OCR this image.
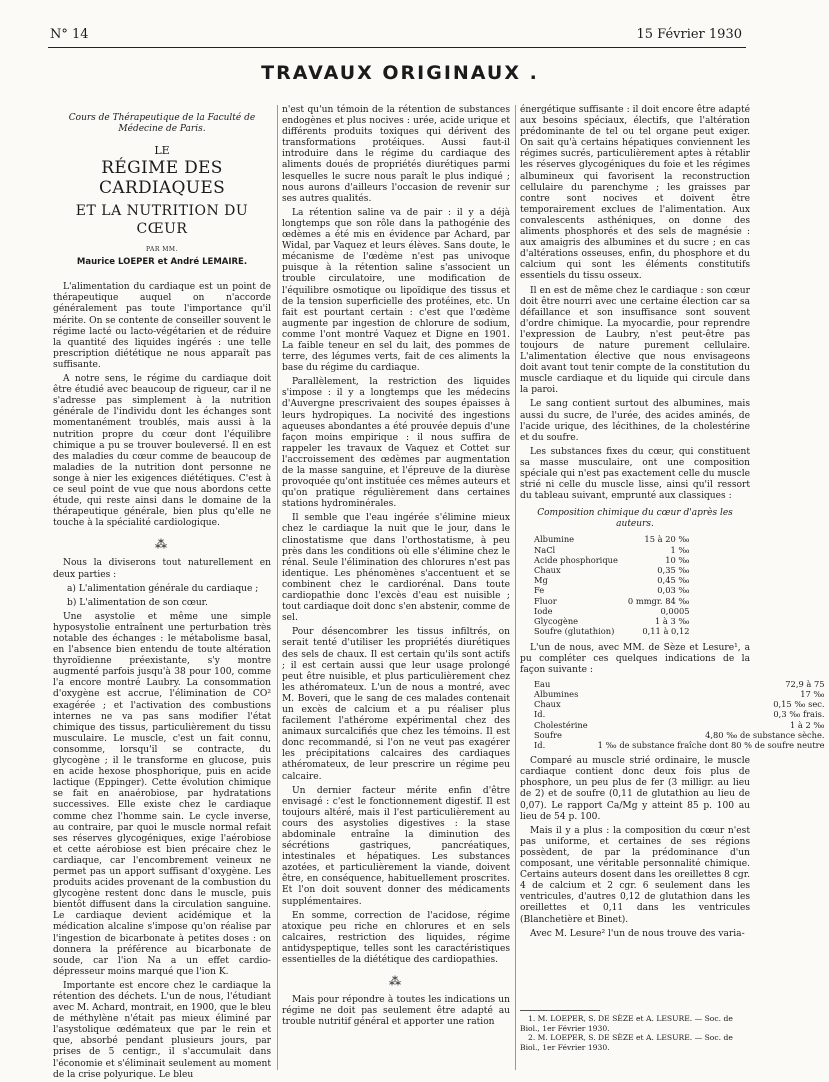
N° 14	15 Février 1930
TRAVAUX ORIGINAUX .
Cours de Thérapeutique de la Faculté de Médecine de Paris.
LE
RÉGIME DES CARDIAQUES
ET LA NUTRITION DU CŒUR
PAR MM.
Maurice LOEPER et André LEMAIRE.

L'alimentation du cardiaque est un point de thérapeutique auquel on n'accorde généralement pas toute l'importance qu'il mérite. On se contente de conseiller souvent le régime lacté ou lacto-végétarien et de réduire la quantité des liquides ingérés : une telle prescription diététique ne nous apparaît pas suffisante.

A notre sens, le régime du cardiaque doit être étudié avec beaucoup de rigueur, car il ne s'adresse pas simplement à la nutrition générale de l'individu dont les échanges sont momentanément troublés, mais aussi à la nutrition propre du cœur dont l'équilibre chimique a pu se trouver bouleversé. Il en est des maladies du cœur comme de beaucoup de maladies de la nutrition dont personne ne songe à nier les exigences diététiques. C'est à ce seul point de vue que nous abordons cette étude, qui reste ainsi dans le domaine de la thérapeutique générale, bien plus qu'elle ne touche à la spécialité cardiologique.

⁂

Nous la diviserons tout naturellement en deux parties :

a) L'alimentation générale du cardiaque ;
b) L'alimentation de son cœur.

Une asystolie et même une simple hyposystolie entraînent une perturbation très notable des échanges : le métabolisme basal, en l'absence bien entendu de toute altération thyroïdienne préexistante, s'y montre augmenté parfois jusqu'à 38 pour 100, comme l'a encore montré Laubry. La consommation d'oxygène est accrue, l'élimination de CO² exagérée ; et l'activation des combustions internes ne va pas sans modifier l'état chimique des tissus, particulièrement du tissu musculaire. Le muscle, c'est un fait connu, consomme, lorsqu'il se contracte, du glycogène ; il le transforme en glucose, puis en acide hexose phosphorique, puis en acide lactique (Eppinger). Cette évolution chimique se fait en anaérobiose, par hydratations successives. Elle existe chez le cardiaque comme chez l'homme sain. Le cycle inverse, au contraire, par quoi le muscle normal refait ses réserves glycogéniques, exige l'aérobiose et cette aérobiose est bien précaire chez le cardiaque, car l'encombrement veineux ne permet pas un apport suffisant d'oxygène. Les produits acides provenant de la combustion du glycogène restent donc dans le muscle, puis bientôt diffusent dans la circulation sanguine. Le cardiaque devient acidémique et la médication alcaline s'impose qu'on réalise par l'ingestion de bicarbonate à petites doses : on donnera la préférence au bicarbonate de soude, car l'ion Na a un effet cardio-dépresseur moins marqué que l'ion K.

Importante est encore chez le cardiaque la rétention des déchets. L'un de nous, l'étudiant avec M. Achard, montrait, en 1900, que le bleu de méthylène n'était pas mieux éliminé par l'asystolique œdémateux que par le rein et que, absorbé pendant plusieurs jours, par prises de 5 centigr., il s'accumulait dans l'économie et s'éliminait seulement au moment de la crise polyurique. Le bleu

n'est qu'un témoin de la rétention de substances endogènes et plus nocives : urée, acide urique et différents produits toxiques qui dérivent des transformations protéiques. Aussi faut-il introduire dans le régime du cardiaque des aliments doués de propriétés diurétiques parmi lesquelles le sucre nous paraît le plus indiqué ; nous aurons d'ailleurs l'occasion de revenir sur ses autres qualités.

La rétention saline va de pair : il y a déjà longtemps que son rôle dans la pathogénie des œdèmes a été mis en évidence par Achard, par Widal, par Vaquez et leurs élèves. Sans doute, le mécanisme de l'œdème n'est pas univoque puisque à la rétention saline s'associent un trouble circulatoire, une modification de l'équilibre osmotique ou lipoïdique des tissus et de la tension superficielle des protéines, etc. Un fait est pourtant certain : c'est que l'œdème augmente par ingestion de chlorure de sodium, comme l'ont montré Vaquez et Digne en 1901. La faible teneur en sel du lait, des pommes de terre, des légumes verts, fait de ces aliments la base du régime du cardiaque.

Parallèlement, la restriction des liquides s'impose : il y a longtemps que les médecins d'Auvergne prescrivaient des soupes épaisses à leurs hydropiques. La nocivité des ingestions aqueuses abondantes a été prouvée depuis d'une façon moins empirique : il nous suffira de rappeler les travaux de Vaquez et Cottet sur l'accroissement des œdèmes par augmentation de la masse sanguine, et l'épreuve de la diurèse provoquée qu'ont instituée ces mêmes auteurs et qu'on pratique régulièrement dans certaines stations hydrominérales.

Il semble que l'eau ingérée s'élimine mieux chez le cardiaque la nuit que le jour, dans le clinostatisme que dans l'orthostatisme, à peu près dans les conditions où elle s'élimine chez le rénal. Seule l'élimination des chlorures n'est pas identique. Les phénomènes s'accentuent et se combinent chez le cardiorénal. Dans toute cardiopathie donc l'excès d'eau est nuisible ; tout cardiaque doit donc s'en abstenir, comme de sel.

Pour désencombrer les tissus infiltrés, on serait tenté d'utiliser les propriétés diurétiques des sels de chaux. Il est certain qu'ils sont actifs ; il est certain aussi que leur usage prolongé peut être nuisible, et plus particulièrement chez les athéromateux. L'un de nous a montré, avec M. Boveri, que le sang de ces malades contenait un excès de calcium et a pu réaliser plus facilement l'athérome expérimental chez des animaux surcalcifiés que chez les témoins. Il est donc recommandé, si l'on ne veut pas exagérer les précipitations calcaires des cardiaques athéromateux, de leur prescrire un régime peu calcaire.

Un dernier facteur mérite enfin d'être envisagé : c'est le fonctionnement digestif. Il est toujours altéré, mais il l'est particulièrement au cours des asystolies digestives : la stase abdominale entraîne la diminution des sécrétions gastriques, pancréatiques, intestinales et hépatiques. Les substances azotées, et particulièrement la viande, doivent être, en conséquence, habituellement proscrites. Et l'on doit souvent donner des médicaments supplémentaires.

En somme, correction de l'acidose, régime atoxique peu riche en chlorures et en sels calcaires, restriction des liquides, régime antidyspeptique, telles sont les caractéristiques essentielles de la diététique des cardiopathies.

⁂

Mais pour répondre à toutes les indications un régime ne doit pas seulement être adapté au trouble nutritif général et apporter une ration

énergétique suffisante : il doit encore être adapté aux besoins spéciaux, électifs, que l'altération prédominante de tel ou tel organe peut exiger. On sait qu'à certains hépatiques conviennent les régimes sucrés, particulièrement aptes à rétablir les réserves glycogéniques du foie et les régimes albumineux qui favorisent la reconstruction cellulaire du parenchyme ; les graisses par contre sont nocives et doivent être temporairement exclues de l'alimentation. Aux convalescents asthéniques, on donne des aliments phosphorés et des sels de magnésie : aux amaigris des albumines et du sucre ; en cas d'altérations osseuses, enfin, du phosphore et du calcium qui sont les éléments constitutifs essentiels du tissu osseux.

Il en est de même chez le cardiaque : son cœur doit être nourri avec une certaine élection car sa défaillance et son insuffisance sont souvent d'ordre chimique. La myocardie, pour reprendre l'expression de Laubry, n'est peut-être pas toujours de nature purement cellulaire. L'alimentation élective que nous envisageons doit avant tout tenir compte de la constitution du muscle cardiaque et du liquide qui circule dans la paroi.

Le sang contient surtout des albumines, mais aussi du sucre, de l'urée, des acides aminés, de l'acide urique, des lécithines, de la cholestérine et du soufre.

Les substances fixes du cœur, qui constituent sa masse musculaire, ont une composition spéciale qui n'est pas exactement celle du muscle strié ni celle du muscle lisse, ainsi qu'il ressort du tableau suivant, emprunté aux classiques :

Composition chimique du cœur d'après les auteurs.
Albumine	15 à 20 ‰
NaCl	1 ‰
Acide phosphorique	10 ‰
Chaux	0,35 ‰
Mg	0,45 ‰
Fe	0,03 ‰
Fluor	0 mmgr. 84 ‰
Iode	0,0005
Glycogène	1 à 3 ‰
Soufre (glutathion)	0,11 à 0,12

L'un de nous, avec MM. de Sèze et Lesure¹, a pu compléter ces quelques indications de la façon suivante :

Eau	72,9 à 75
Albumines	17 ‰
Chaux	0,15 ‰ sec.
Id.	0,3 ‰ frais.
Cholestérine	1 à 2 ‰
Soufre	4,80 ‰ de substance sèche.
Id.	1 ‰ de substance fraîche dont 80 % de soufre neutre

Comparé au muscle strié ordinaire, le muscle cardiaque contient donc deux fois plus de phosphore, un peu plus de fer (3 milligr. au lieu de 2) et de soufre (0,11 de glutathion au lieu de 0,07). Le rapport Ca/Mg y atteint 85 p. 100 au lieu de 54 p. 100.

Mais il y a plus : la composition du cœur n'est pas uniforme, et certaines de ses régions possèdent, de par la prédominance d'un composant, une véritable personnalité chimique. Certains auteurs dosent dans les oreillettes 8 cgr. 4 de calcium et 2 cgr. 6 seulement dans les ventricules, d'autres 0,12 de glutathion dans les oreillettes et 0,11 dans les ventricules (Blanchetière et Binet).

Avec M. Lesure² l'un de nous trouve des varia-

1. M. LOEPER, S. DE SÈZE et A. LESURE. — Soc. de Biol., 1er Février 1930.

2. M. LOEPER, S. DE SÈZE et A. LESURE. — Soc. de Biol., 1er Février 1930.
